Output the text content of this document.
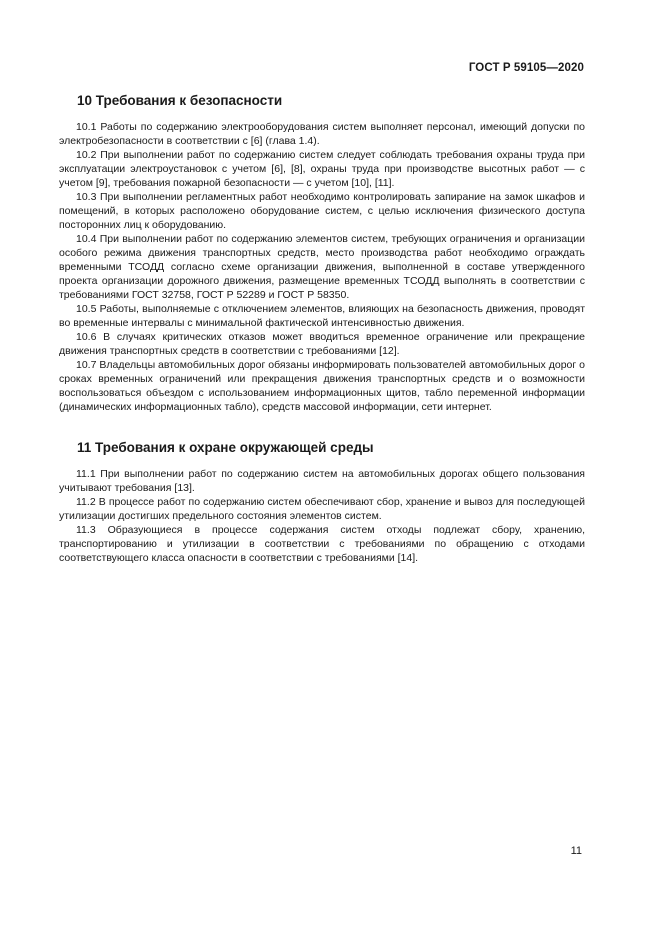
ГОСТ Р 59105—2020
10 Требования к безопасности

10.1 Работы по содержанию электрооборудования систем выполняет персонал, имеющий допуски по электробезопасности в соответствии с [6] (глава 1.4).

10.2 При выполнении работ по содержанию систем следует соблюдать требования охраны труда при эксплуатации электроустановок с учетом [6], [8], охраны труда при производстве высотных работ — с учетом [9], требования пожарной безопасности — с учетом [10], [11].

10.3 При выполнении регламентных работ необходимо контролировать запирание на замок шкафов и помещений, в которых расположено оборудование систем, с целью исключения физического доступа посторонних лиц к оборудованию.

10.4 При выполнении работ по содержанию элементов систем, требующих ограничения и организации особого режима движения транспортных средств, место производства работ необходимо ограждать временными ТСОДД согласно схеме организации движения, выполненной в составе утвержденного проекта организации дорожного движения, размещение временных ТСОДД выполнять в соответствии с требованиями ГОСТ 32758, ГОСТ Р 52289 и ГОСТ Р 58350.

10.5 Работы, выполняемые с отключением элементов, влияющих на безопасность движения, проводят во временные интервалы с минимальной фактической интенсивностью движения.

10.6 В случаях критических отказов может вводиться временное ограничение или прекращение движения транспортных средств в соответствии с требованиями [12].

10.7 Владельцы автомобильных дорог обязаны информировать пользователей автомобильных дорог о сроках временных ограничений или прекращения движения транспортных средств и о возможности воспользоваться объездом с использованием информационных щитов, табло переменной информации (динамических информационных табло), средств массовой информации, сети интернет.

11 Требования к охране окружающей среды

11.1 При выполнении работ по содержанию систем на автомобильных дорогах общего пользования учитывают требования [13].

11.2 В процессе работ по содержанию систем обеспечивают сбор, хранение и вывоз для последующей утилизации достигших предельного состояния элементов систем.

11.3 Образующиеся в процессе содержания систем отходы подлежат сбору, хранению, транспортированию и утилизации в соответствии с требованиями по обращению с отходами соответствующего класса опасности в соответствии с требованиями [14].

11
